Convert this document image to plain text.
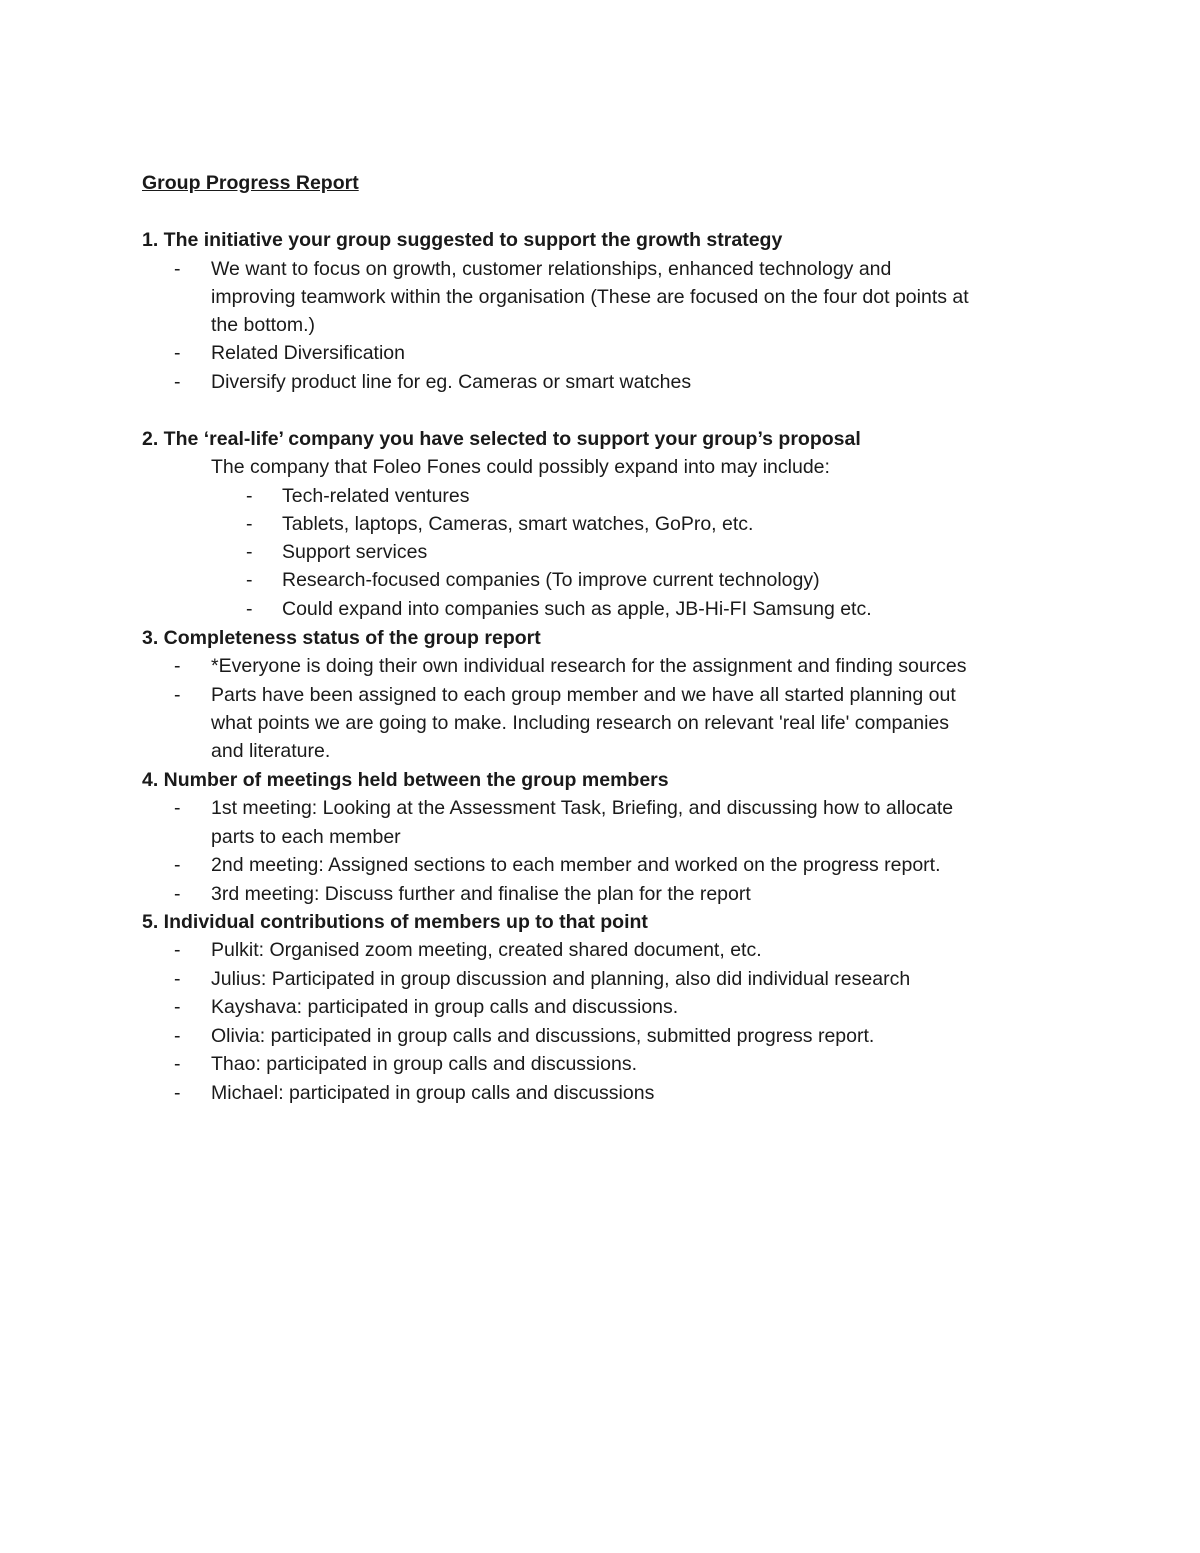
Group Progress Report
1. The initiative your group suggested to support the growth strategy
- We want to focus on growth, customer relationships, enhanced technology and
improving teamwork within the organisation (These are focused on the four dot points at
the bottom.)
- Related Diversification
- Diversify product line for eg. Cameras or smart watches
2. The ‘real-life’ company you have selected to support your group’s proposal
The company that Foleo Fones could possibly expand into may include:
- Tech-related ventures
- Tablets, laptops, Cameras, smart watches, GoPro, etc.
- Support services
- Research-focused companies (To improve current technology)
- Could expand into companies such as apple, JB-Hi-FI Samsung etc.
3. Completeness status of the group report
- *Everyone is doing their own individual research for the assignment and finding sources
- Parts have been assigned to each group member and we have all started planning out
what points we are going to make. Including research on relevant 'real life' companies
and literature.
4. Number of meetings held between the group members
- 1st meeting: Looking at the Assessment Task, Briefing, and discussing how to allocate
parts to each member
- 2nd meeting: Assigned sections to each member and worked on the progress report.
- 3rd meeting: Discuss further and finalise the plan for the report
5. Individual contributions of members up to that point
- Pulkit: Organised zoom meeting, created shared document, etc.
- Julius: Participated in group discussion and planning, also did individual research
- Kayshava: participated in group calls and discussions.
- Olivia: participated in group calls and discussions, submitted progress report.
- Thao: participated in group calls and discussions.
- Michael: participated in group calls and discussions
